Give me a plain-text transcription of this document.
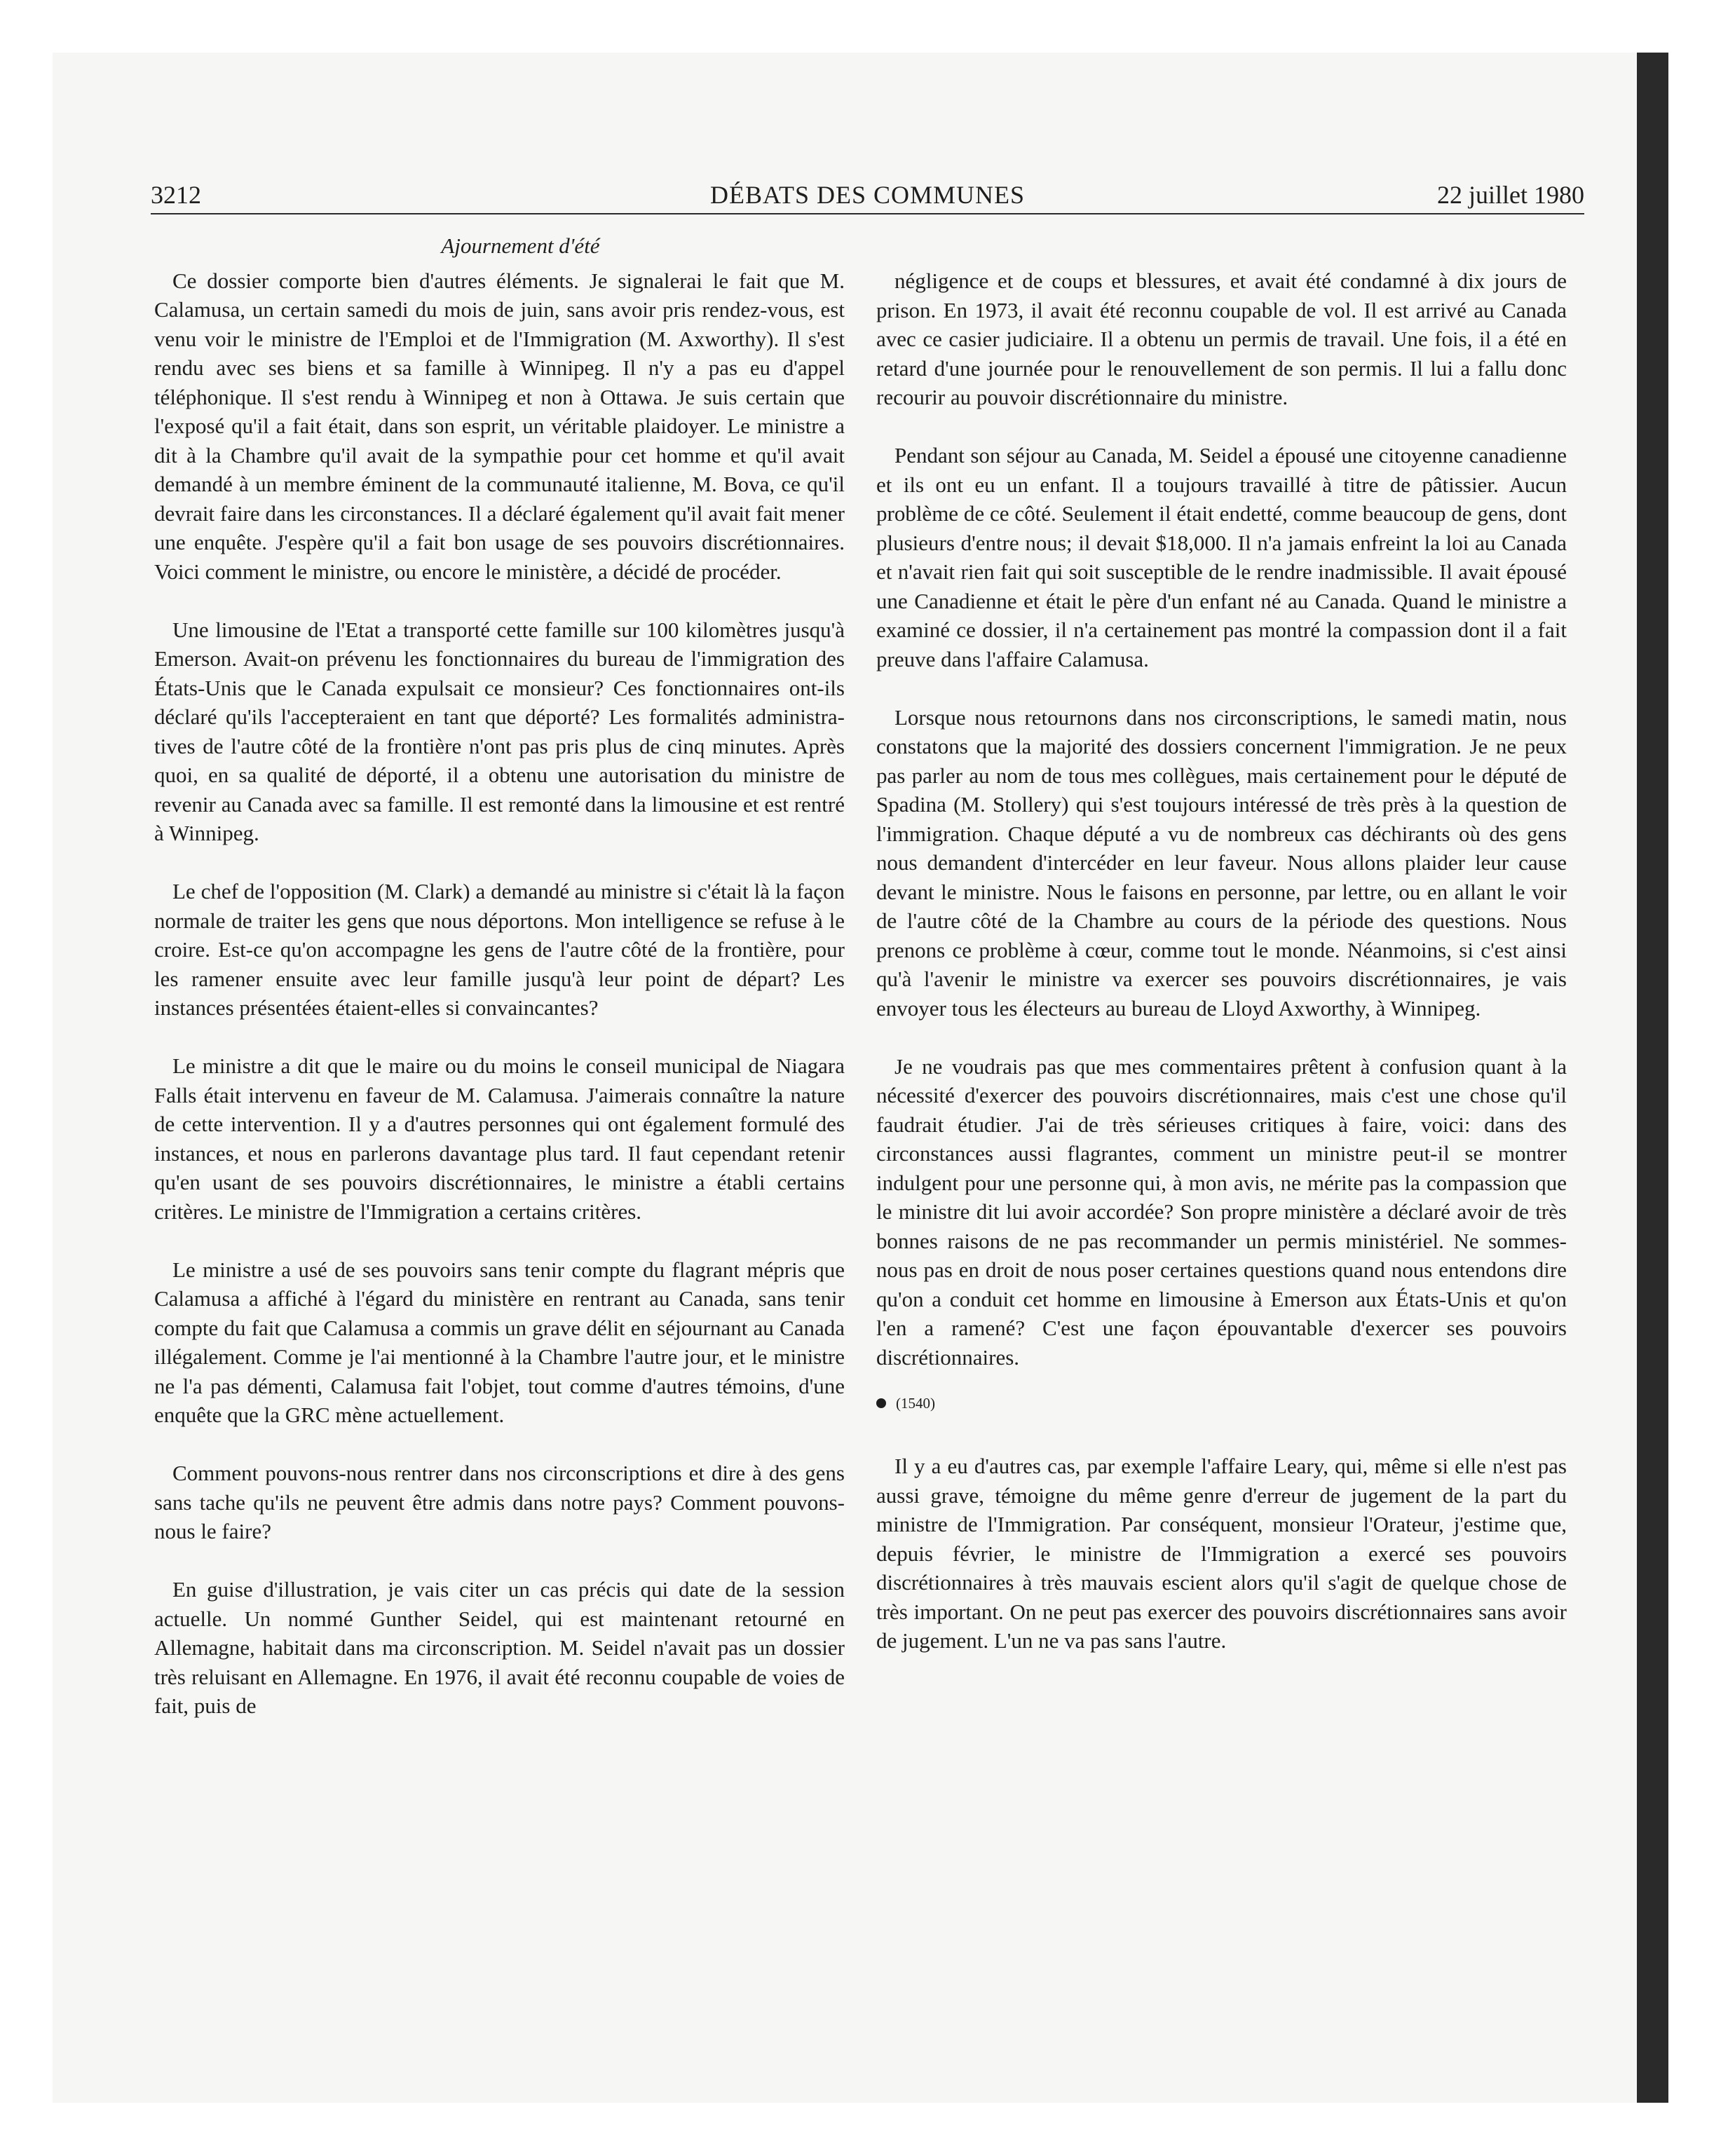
3212	DÉBATS DES COMMUNES	22 juillet 1980
Ajournement d'été

Ce dossier comporte bien d'autres éléments. Je signalerai le fait que M. Calamusa, un certain samedi du mois de juin, sans avoir pris rendez-vous, est venu voir le ministre de l'Emploi et de l'Immigration (M. Axworthy). Il s'est rendu avec ses biens et sa famille à Winnipeg. Il n'y a pas eu d'appel téléphonique. Il s'est rendu à Winnipeg et non à Ottawa. Je suis certain que l'exposé qu'il a fait était, dans son esprit, un véritable plaidoyer. Le ministre a dit à la Chambre qu'il avait de la sympathie pour cet homme et qu'il avait demandé à un membre éminent de la communauté italienne, M. Bova, ce qu'il devrait faire dans les circonstances. Il a déclaré également qu'il avait fait mener une enquête. J'espère qu'il a fait bon usage de ses pouvoirs discrétionnaires. Voici comment le ministre, ou encore le ministère, a décidé de procéder.

Une limousine de l'Etat a transporté cette famille sur 100 kilomètres jusqu'à Emerson. Avait-on prévenu les fonctionnaires du bureau de l'immigration des États-Unis que le Canada expulsait ce monsieur? Ces fonctionnaires ont-ils déclaré qu'ils l'accepteraient en tant que déporté? Les formalités administratives de l'autre côté de la frontière n'ont pas pris plus de cinq minutes. Après quoi, en sa qualité de déporté, il a obtenu une autorisation du ministre de revenir au Canada avec sa famille. Il est remonté dans la limousine et est rentré à Winnipeg.

Le chef de l'opposition (M. Clark) a demandé au ministre si c'était là la façon normale de traiter les gens que nous déportons. Mon intelligence se refuse à le croire. Est-ce qu'on accompagne les gens de l'autre côté de la frontière, pour les ramener ensuite avec leur famille jusqu'à leur point de départ? Les instances présentées étaient-elles si convaincantes?

Le ministre a dit que le maire ou du moins le conseil municipal de Niagara Falls était intervenu en faveur de M. Calamusa. J'aimerais connaître la nature de cette intervention. Il y a d'autres personnes qui ont également formulé des instances, et nous en parlerons davantage plus tard. Il faut cependant retenir qu'en usant de ses pouvoirs discrétionnaires, le ministre a établi certains critères. Le ministre de l'Immigration a certains critères.

Le ministre a usé de ses pouvoirs sans tenir compte du flagrant mépris que Calamusa a affiché à l'égard du ministère en rentrant au Canada, sans tenir compte du fait que Calamusa a commis un grave délit en séjournant au Canada illégalement. Comme je l'ai mentionné à la Chambre l'autre jour, et le ministre ne l'a pas démenti, Calamusa fait l'objet, tout comme d'autres témoins, d'une enquête que la GRC mène actuellement.

Comment pouvons-nous rentrer dans nos circonscriptions et dire à des gens sans tache qu'ils ne peuvent être admis dans notre pays? Comment pouvons-nous le faire?

En guise d'illustration, je vais citer un cas précis qui date de la session actuelle. Un nommé Gunther Seidel, qui est maintenant retourné en Allemagne, habitait dans ma circonscription. M. Seidel n'avait pas un dossier très reluisant en Allemagne. En 1976, il avait été reconnu coupable de voies de fait, puis de

négligence et de coups et blessures, et avait été condamné à dix jours de prison. En 1973, il avait été reconnu coupable de vol. Il est arrivé au Canada avec ce casier judiciaire. Il a obtenu un permis de travail. Une fois, il a été en retard d'une journée pour le renouvellement de son permis. Il lui a fallu donc recourir au pouvoir discrétionnaire du ministre.

Pendant son séjour au Canada, M. Seidel a épousé une citoyenne canadienne et ils ont eu un enfant. Il a toujours travaillé à titre de pâtissier. Aucun problème de ce côté. Seulement il était endetté, comme beaucoup de gens, dont plusieurs d'entre nous; il devait $18,000. Il n'a jamais enfreint la loi au Canada et n'avait rien fait qui soit susceptible de le rendre inadmissible. Il avait épousé une Canadienne et était le père d'un enfant né au Canada. Quand le ministre a examiné ce dossier, il n'a certainement pas montré la compassion dont il a fait preuve dans l'affaire Calamusa.

Lorsque nous retournons dans nos circonscriptions, le samedi matin, nous constatons que la majorité des dossiers concernent l'immigration. Je ne peux pas parler au nom de tous mes collègues, mais certainement pour le député de Spadina (M. Stollery) qui s'est toujours intéressé de très près à la question de l'immigration. Chaque député a vu de nombreux cas déchirants où des gens nous demandent d'intercéder en leur faveur. Nous allons plaider leur cause devant le ministre. Nous le faisons en personne, par lettre, ou en allant le voir de l'autre côté de la Chambre au cours de la période des questions. Nous prenons ce problème à cœur, comme tout le monde. Néanmoins, si c'est ainsi qu'à l'avenir le ministre va exercer ses pouvoirs discrétionnaires, je vais envoyer tous les électeurs au bureau de Lloyd Axworthy, à Winnipeg.

Je ne voudrais pas que mes commentaires prêtent à confusion quant à la nécessité d'exercer des pouvoirs discrétionnaires, mais c'est une chose qu'il faudrait étudier. J'ai de très sérieuses critiques à faire, voici: dans des circonstances aussi flagrantes, comment un ministre peut-il se montrer indulgent pour une personne qui, à mon avis, ne mérite pas la compassion que le ministre dit lui avoir accordée? Son propre ministère a déclaré avoir de très bonnes raisons de ne pas recommander un permis ministériel. Ne sommes-nous pas en droit de nous poser certaines questions quand nous entendons dire qu'on a conduit cet homme en limousine à Emerson aux États-Unis et qu'on l'en a ramené? C'est une façon épouvantable d'exercer ses pouvoirs discrétionnaires.

(1540)

Il y a eu d'autres cas, par exemple l'affaire Leary, qui, même si elle n'est pas aussi grave, témoigne du même genre d'erreur de jugement de la part du ministre de l'Immigration. Par conséquent, monsieur l'Orateur, j'estime que, depuis février, le ministre de l'Immigration a exercé ses pouvoirs discrétionnaires à très mauvais escient alors qu'il s'agit de quelque chose de très important. On ne peut pas exercer des pouvoirs discrétionnaires sans avoir de jugement. L'un ne va pas sans l'autre.
